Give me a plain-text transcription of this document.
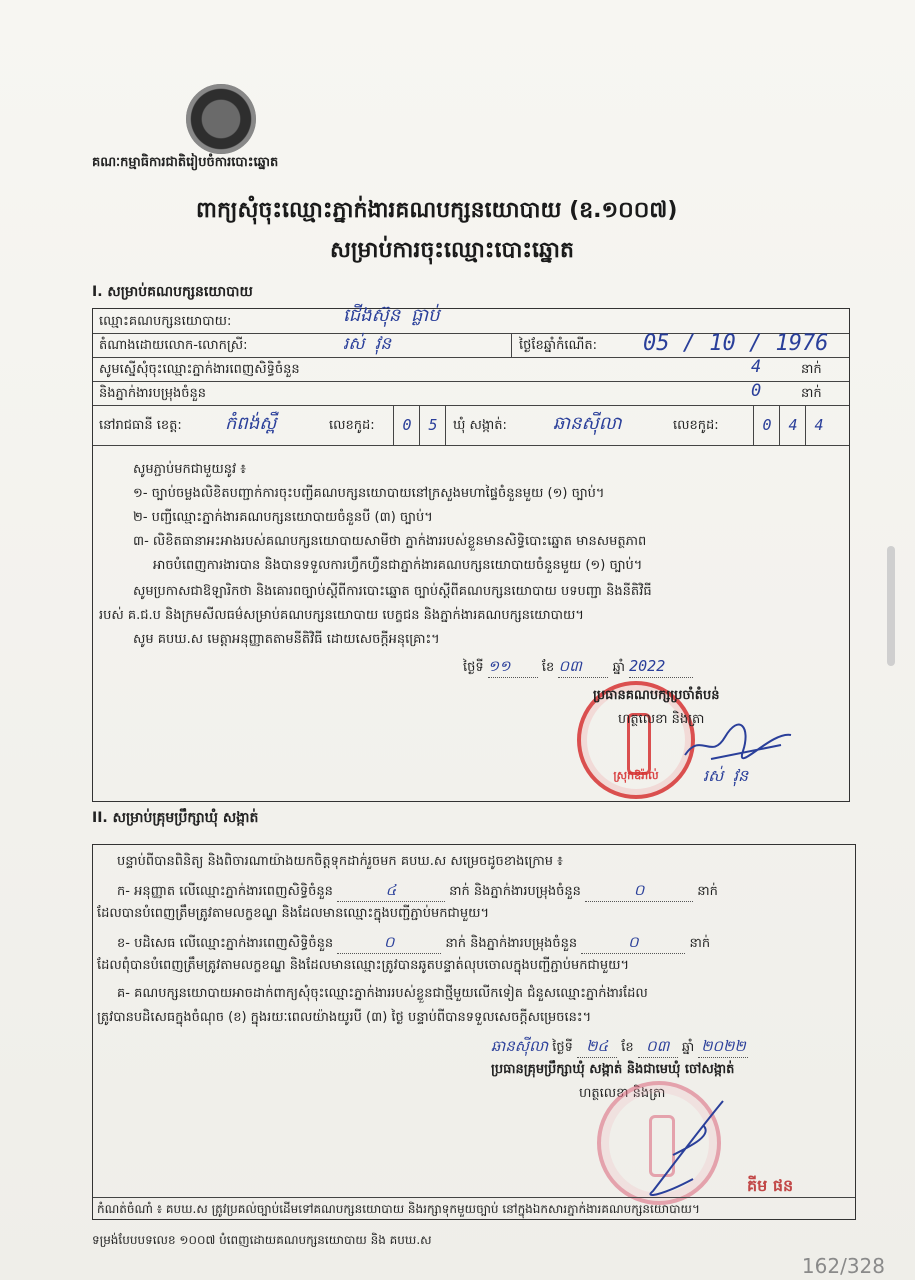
គណៈកម្មាធិការជាតិរៀបចំការបោះឆ្នោត
ពាក្យសុំចុះឈ្មោះភ្នាក់ងារគណបក្សនយោបាយ (ឧ.១០០៧)
សម្រាប់ការចុះឈ្មោះបោះឆ្នោត
I. សម្រាប់គណបក្សនយោបាយ
ឈ្មោះគណបក្សនយោបាយ:	ជើងស៊ុន ធ្លាប់
តំណាងដោយលោក-លោកស្រី:	រស់ វុន	ថ្ងៃខែឆ្នាំកំណើត: 05 / 10 / 1976
សូមស្នើសុំចុះឈ្មោះភ្នាក់ងារពេញសិទ្ធិចំនួន	4	នាក់
និងភ្នាក់ងារបម្រុងចំនួន	0	នាក់
នៅរាជធានី ខេត្ត: កំពង់ស្ពឺ	លេខកូដ:	0	5	ឃុំ សង្កាត់:	ឆានស៊ីលា	លេខកូដ:	0	4	4
សូមភ្ជាប់មកជាមួយនូវ ៖
១- ច្បាប់ចម្លងលិខិតបញ្ជាក់ការចុះបញ្ជីគណបក្សនយោបាយនៅក្រសួងមហាផ្ទៃចំនួនមួយ (១) ច្បាប់។
២- បញ្ជីឈ្មោះភ្នាក់ងារគណបក្សនយោបាយចំនួនបី (៣) ច្បាប់។
៣- លិខិតធានាអះអាងរបស់គណបក្សនយោបាយសាមីថា ភ្នាក់ងាររបស់ខ្លួនមានសិទ្ធិបោះឆ្នោត មានសមត្ថភាព
អាចបំពេញការងារបាន និងបានទទួលការហ្វឹកហ្វឺនជាភ្នាក់ងារគណបក្សនយោបាយចំនួនមួយ (១) ច្បាប់។
សូមប្រកាសជាឱឡារិកថា និងគោរពច្បាប់ស្ដីពីការបោះឆ្នោត ច្បាប់ស្ដីពីគណបក្សនយោបាយ បទបញ្ជា និងនីតិវិធី
របស់ គ.ជ.ប និងក្រមសីលធម៌សម្រាប់គណបក្សនយោបាយ បេក្ខជន និងភ្នាក់ងារគណបក្សនយោបាយ។
សូម គបឃ.ស មេត្តាអនុញ្ញាតតាមនីតិវិធី ដោយសេចក្ដីអនុគ្រោះ។
ថ្ងៃទី ១១ ខែ ០៣ ឆ្នាំ 2022
ស្រុកឱរ៉ាល់
ប្រធានគណបក្សប្រចាំតំបន់
ហត្ថលេខា និងត្រា
រស់ វុន
II. សម្រាប់គ្រុមប្រឹក្សាឃុំ សង្កាត់
បន្ទាប់ពីបានពិនិត្យ និងពិចារណាយ៉ាងយកចិត្តទុកដាក់រួចមក គបឃ.ស សម្រេចដូចខាងក្រោម ៖
ក- អនុញ្ញាត លើឈ្មោះភ្នាក់ងារពេញសិទ្ធិចំនួន	៤	នាក់ និងភ្នាក់ងារបម្រុងចំនួន	០	នាក់
ដែលបានបំពេញត្រឹមត្រូវតាមលក្ខខណ្ឌ និងដែលមានឈ្មោះក្នុងបញ្ជីភ្ជាប់មកជាមួយ។
ខ- បដិសេធ លើឈ្មោះភ្នាក់ងារពេញសិទ្ធិចំនួន	០	នាក់ និងភ្នាក់ងារបម្រុងចំនួន	០	នាក់
ដែលពុំបានបំពេញត្រឹមត្រូវតាមលក្ខខណ្ឌ និងដែលមានឈ្មោះត្រូវបានឆូតបន្ទាត់លុបចោលក្នុងបញ្ជីភ្ជាប់មកជាមួយ។
គ- គណបក្សនយោបាយអាចដាក់ពាក្យសុំចុះឈ្មោះភ្នាក់ងាររបស់ខ្លួនជាថ្មីមួយលើកទៀត ជំនួសឈ្មោះភ្នាក់ងារដែល
ត្រូវបានបដិសេធក្នុងចំណុច (ខ) ក្នុងរយៈពេលយ៉ាងយូរបី (៣) ថ្ងៃ បន្ទាប់ពីបានទទួលសេចក្ដីសម្រេចនេះ។
ឆានស៊ីលា ថ្ងៃទី ២៤ ខែ ០៣ ឆ្នាំ ២០២២
ប្រធានគ្រុមប្រឹក្សាឃុំ សង្កាត់ និងជាមេឃុំ ចៅសង្កាត់
ហត្ថលេខា និងត្រា
គីម ផន
កំណត់ចំណាំ ៖ គបឃ.ស ត្រូវប្រគល់ច្បាប់ដើមទៅគណបក្សនយោបាយ និងរក្សាទុកមួយច្បាប់ នៅក្នុងឯកសារភ្នាក់ងារគណបក្សនយោបាយ។
ទម្រង់បែបបទលេខ ១០០៧ បំពេញដោយគណបក្សនយោបាយ និង គបឃ.ស
162/328
